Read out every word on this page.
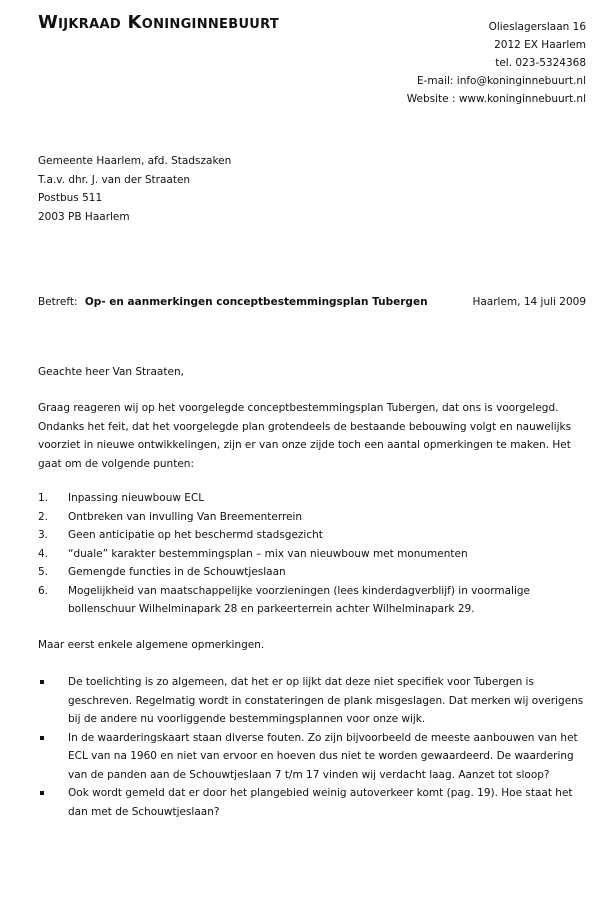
Wijkraad Koninginnebuurt	Olieslagerslaan 16
2012 EX Haarlem
tel. 023-5324368
E-mail: info@koninginnebuurt.nl
Website : www.koninginnebuurt.nl
Gemeente Haarlem, afd. Stadszaken
T.a.v. dhr. J. van der Straaten
Postbus 511
2003 PB Haarlem
Betreft: Op- en aanmerkingen conceptbestemmingsplan Tubergen	Haarlem, 14 juli 2009
Geachte heer Van Straaten,
Graag reageren wij op het voorgelegde conceptbestemmingsplan Tubergen, dat ons is voorgelegd.
Ondanks het feit, dat het voorgelegde plan grotendeels de bestaande bebouwing volgt en nauwelijks
voorziet in nieuwe ontwikkelingen, zijn er van onze zijde toch een aantal opmerkingen te maken. Het
gaat om de volgende punten:
1. Inpassing nieuwbouw ECL
2. Ontbreken van invulling Van Breementerrein
3. Geen anticipatie op het beschermd stadsgezicht
4. “duale” karakter bestemmingsplan – mix van nieuwbouw met monumenten
5. Gemengde functies in de Schouwtjeslaan
6. Mogelijkheid van maatschappelijke voorzieningen (lees kinderdagverblijf) in voormalige
bollenschuur Wilhelminapark 28 en parkeerterrein achter Wilhelminapark 29.
Maar eerst enkele algemene opmerkingen.
De toelichting is zo algemeen, dat het er op lijkt dat deze niet specifiek voor Tubergen is
geschreven. Regelmatig wordt in constateringen de plank misgeslagen. Dat merken wij overigens
bij de andere nu voorliggende bestemmingsplannen voor onze wijk.
In de waarderingskaart staan diverse fouten. Zo zijn bijvoorbeeld de meeste aanbouwen van het
ECL van na 1960 en niet van ervoor en hoeven dus niet te worden gewaardeerd. De waardering
van de panden aan de Schouwtjeslaan 7 t/m 17 vinden wij verdacht laag. Aanzet tot sloop?
Ook wordt gemeld dat er door het plangebied weinig autoverkeer komt (pag. 19). Hoe staat het
dan met de Schouwtjeslaan?
